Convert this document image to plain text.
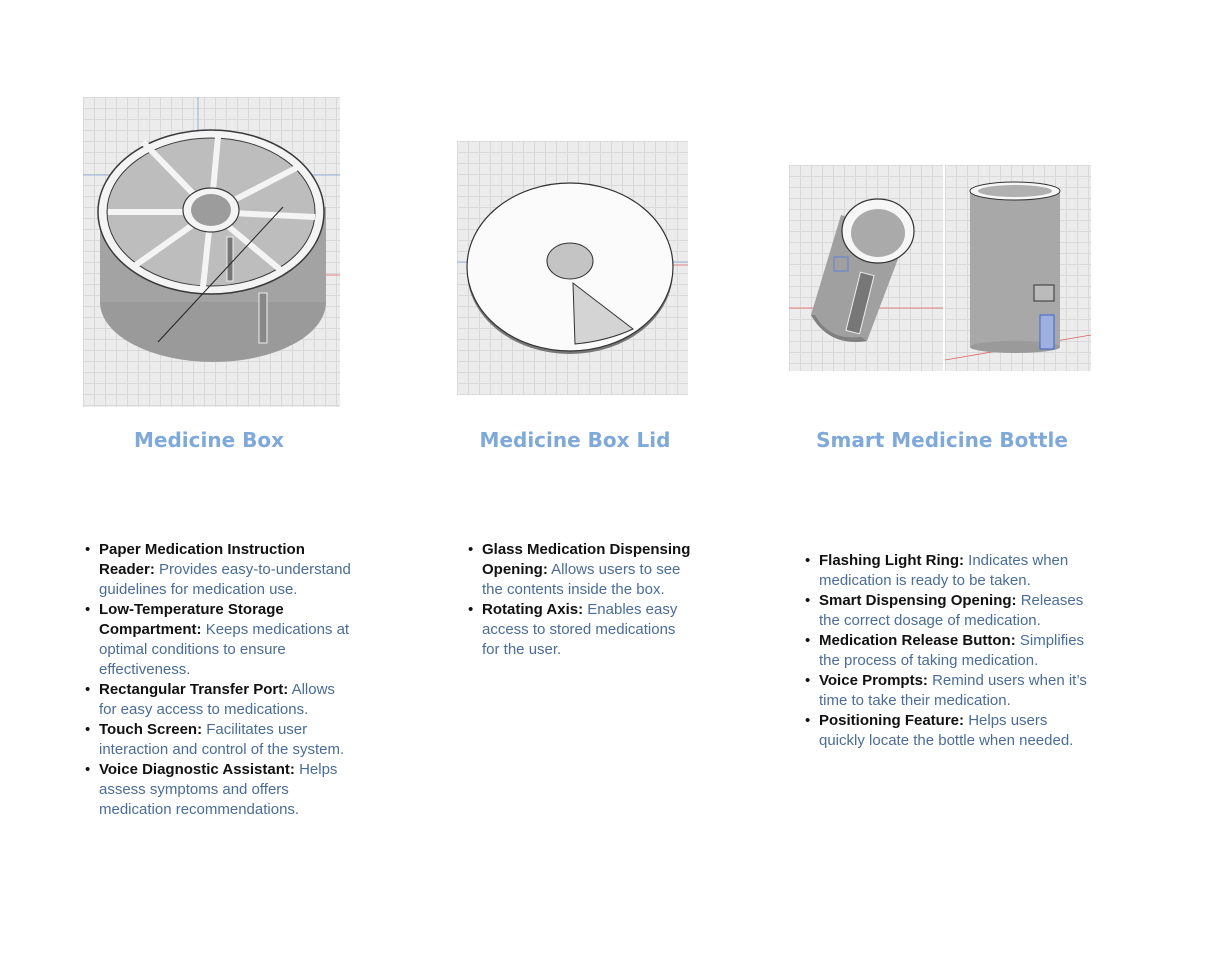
Medicine Box
• Paper Medication Instruction Reader: Provides easy-to-understand guidelines for medication use.
• Low-Temperature Storage Compartment: Keeps medications at optimal conditions to ensure effectiveness.
• Rectangular Transfer Port: Allows for easy access to medications.
• Touch Screen: Facilitates user interaction and control of the system.
• Voice Diagnostic Assistant: Helps assess symptoms and offers medication recommendations.
Medicine Box Lid
• Glass Medication Dispensing Opening: Allows users to see the contents inside the box.
• Rotating Axis: Enables easy access to stored medications for the user.
Smart Medicine Bottle
• Flashing Light Ring: Indicates when medication is ready to be taken.
• Smart Dispensing Opening: Releases the correct dosage of medication.
• Medication Release Button: Simplifies the process of taking medication.
• Voice Prompts: Remind users when it’s time to take their medication.
• Positioning Feature: Helps users quickly locate the bottle when needed.
